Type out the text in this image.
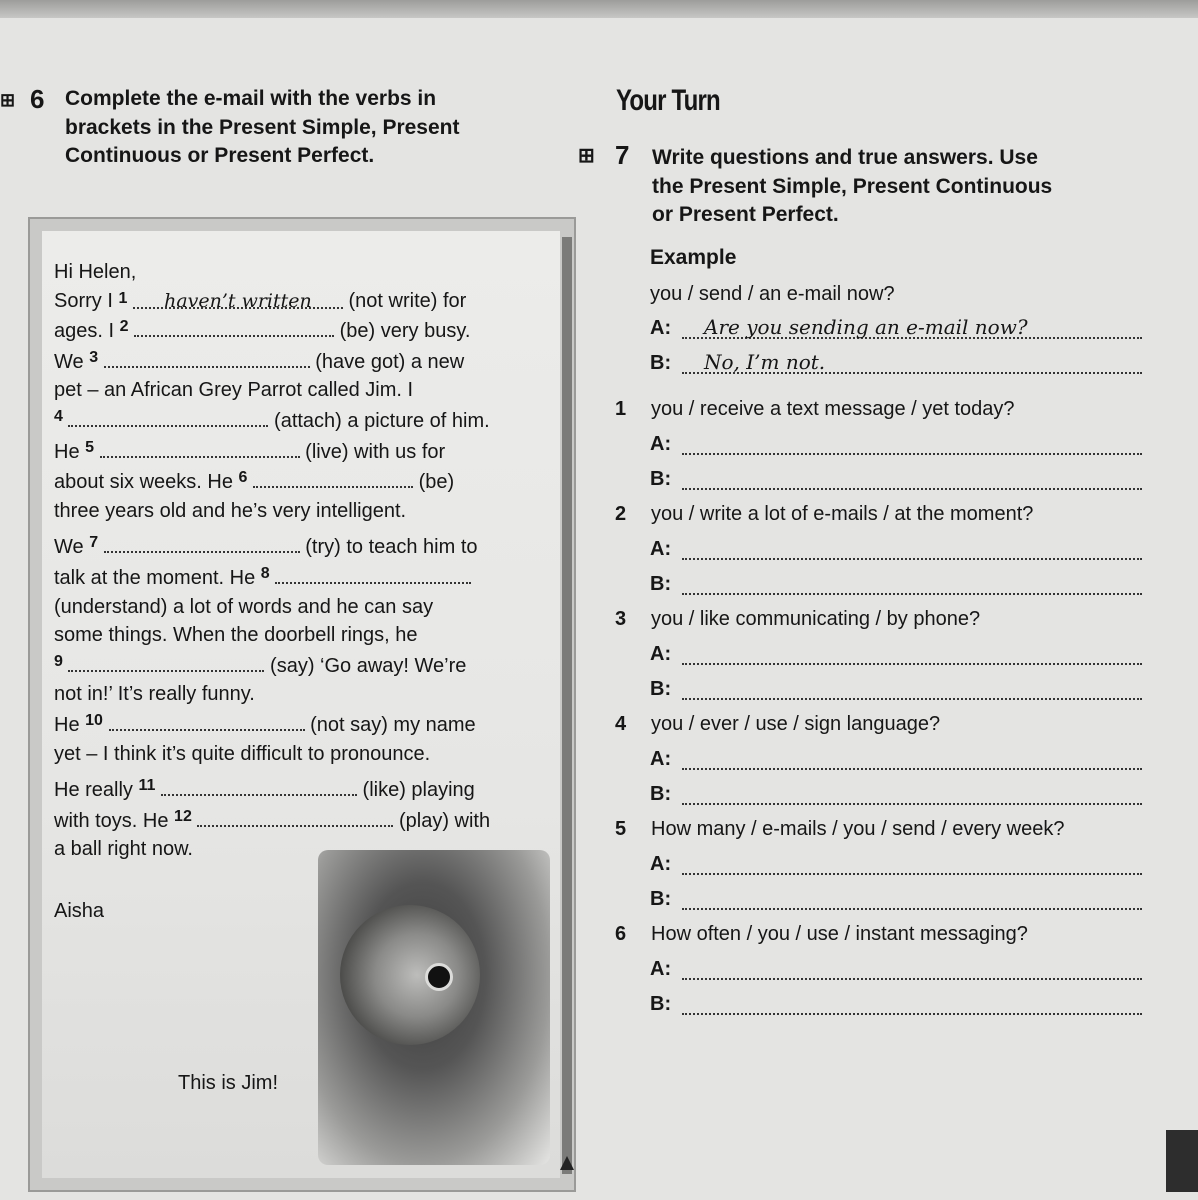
⊞ 6 Complete the e-mail with the verbs in
brackets in the Present Simple, Present
Continuous or Present Perfect.

Hi Helen,

Sorry I $^1$ haven’t written (not write) for

ages. I $^2$	(be) very busy.

We $^3$	(have got) a new

pet – an African Grey Parrot called Jim. I

$^4$	(attach) a picture of him.

He $^5$	(live) with us for

about six weeks. He $^6$	(be)

three years old and he’s very intelligent.

We $^7$	(try) to teach him to

talk at the moment. He $^8$

(understand) a lot of words and he can say

some things. When the doorbell rings, he

$^9$	(say) ‘Go away! We’re

not in!’ It’s really funny.

He $^{10}$	(not say) my name

yet – I think it’s quite difficult to pronounce.

He really $^{11}$	(like) playing

with toys. He $^{12}$	(play) with

a ball right now.

Aisha
This is Jim!
Your Turn
⊞ 7 Write questions and true answers. Use
the Present Simple, Present Continuous
or Present Perfect.
Example
you / send / an e-mail now?
A: Are you sending an e-mail now?
B: No, I’m not.
1 you / receive a text message / yet today?
A:
B:
2 you / write a lot of e-mails / at the moment?
A:
B:
3 you / like communicating / by phone?
A:
B:
4 you / ever / use / sign language?
A:
B:
5 How many / e-mails / you / send / every week?
A:
B:
6 How often / you / use / instant messaging?
A:
B:
